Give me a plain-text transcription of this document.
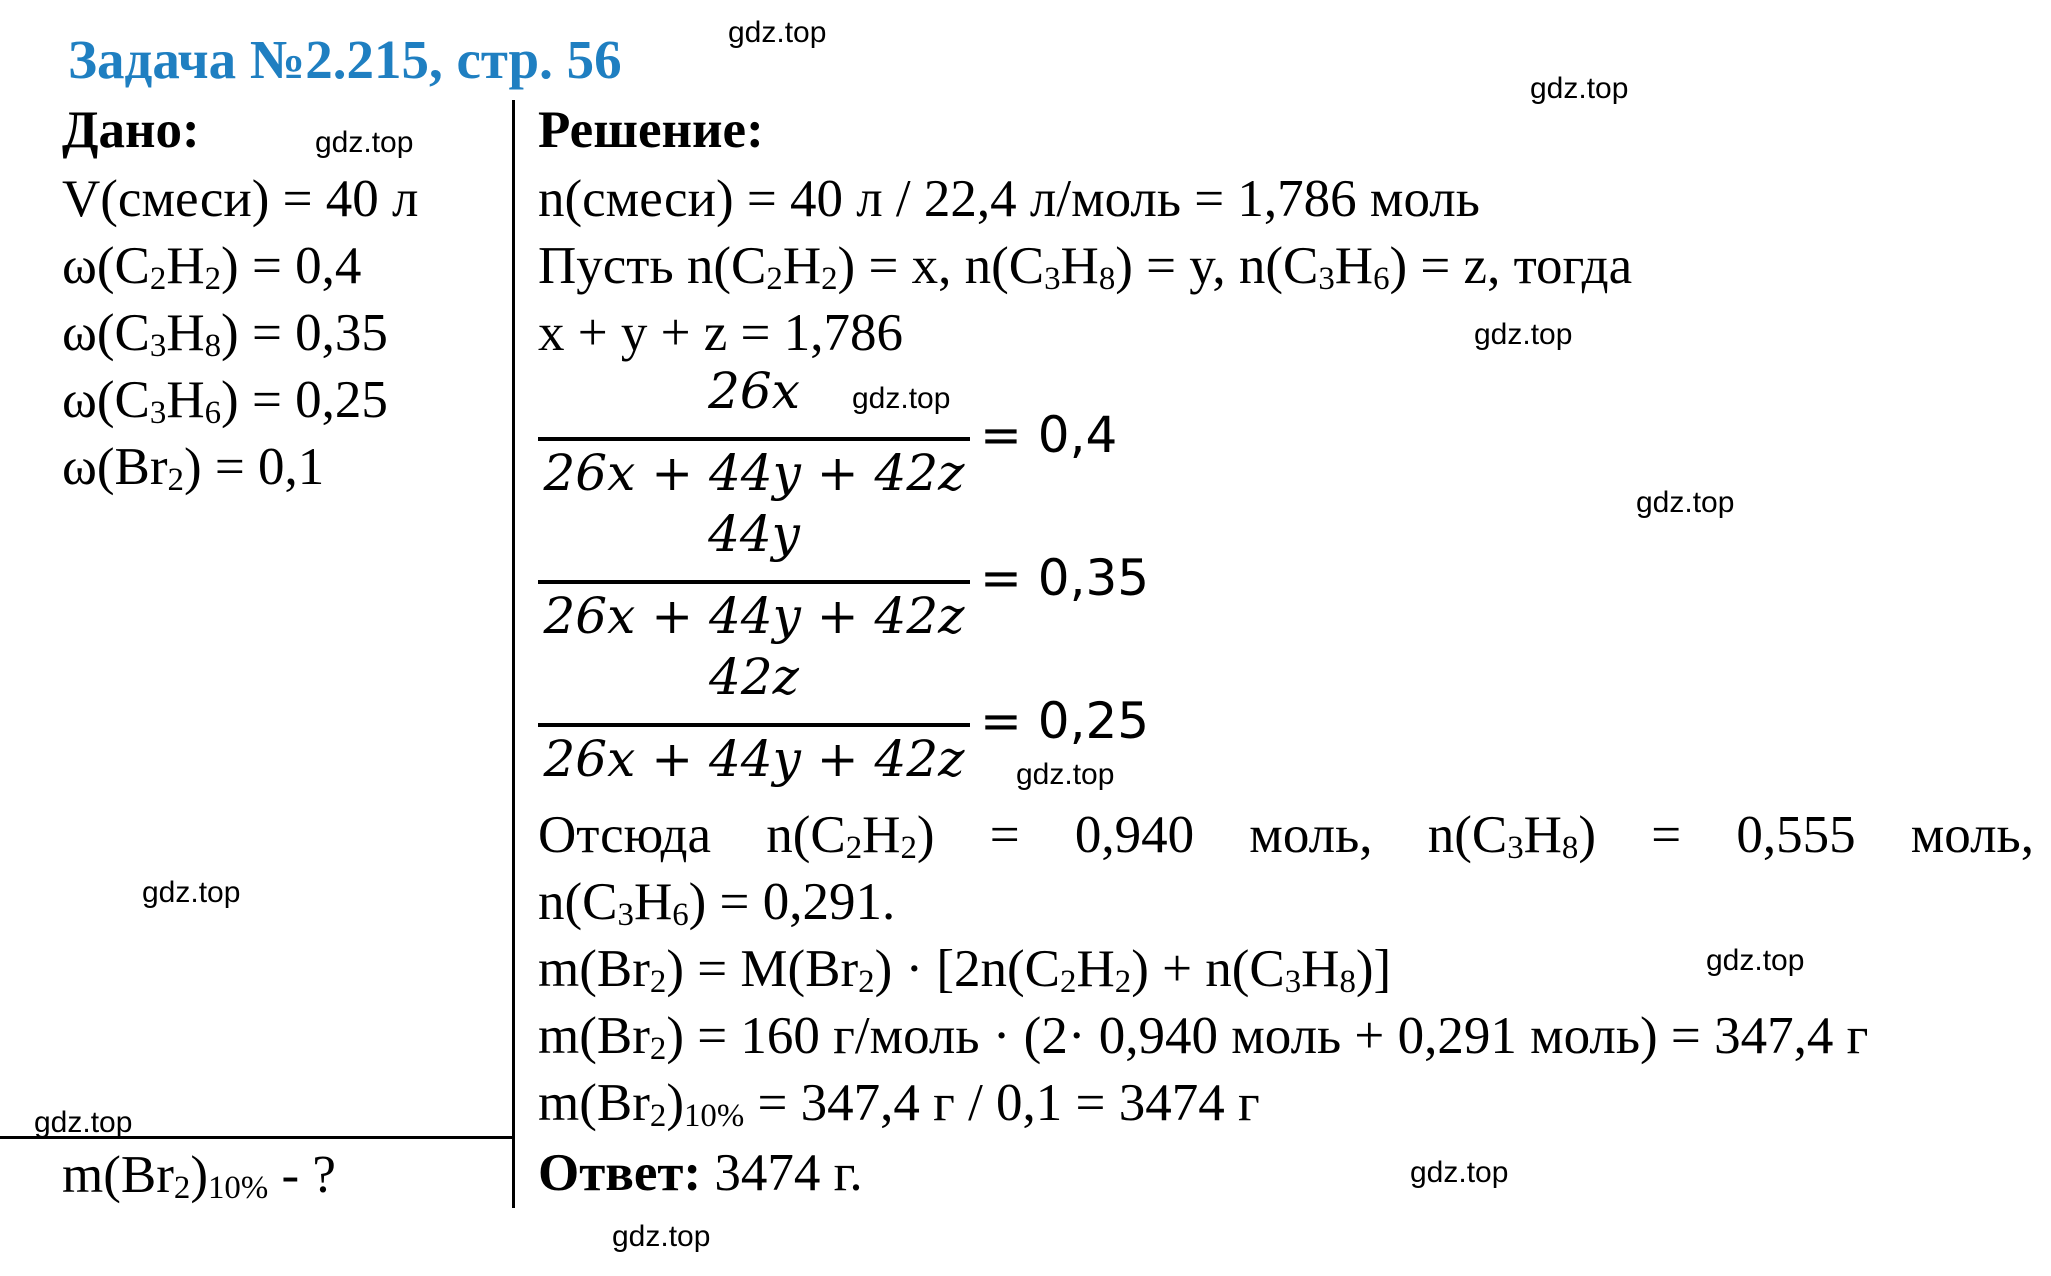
Задача №2.215, стр. 56
Дано:
V(смеси) = 40 л
$\omega(C_2H_2) = 0,4$
$\omega(C_3H_8) = 0,35$
$\omega(C_3H_6) = 0,25$
$\omega(Br_2) = 0,1$
$m(Br_2)_{10\%}$ - ?
Решение:
n(смеси) = 40 л / 22,4 л/моль = 1,786 моль
Пусть $n(C_2H_2) = x$, $n(C_3H_8) = y$, $n(C_3H_6) = z$, тогда
x + y + z = 1,786
26x
26x + 44y + 42z
= 0,4
44y
26x + 44y + 42z
= 0,35
42z
26x + 44y + 42z
= 0,25
Отсюда $n(C_2H_2) = 0,940$ моль, $n(C_3H_8) = 0,555$ моль,
$n(C_3H_6) = 0,291$.
$m(Br_2) = M(Br_2) \cdot [2n(C_2H_2) + n(C_3H_8)]$
$m(Br_2) = 160$ г/моль · (2· 0,940 моль + 0,291 моль) = 347,4 г
$m(Br_2)_{10\%} = 347,4$ г / 0,1 = 3474 г
Ответ: 3474 г.
gdz.top
gdz.top
gdz.top
gdz.top
gdz.top
gdz.top
gdz.top
gdz.top
gdz.top
gdz.top
gdz.top
gdz.top
